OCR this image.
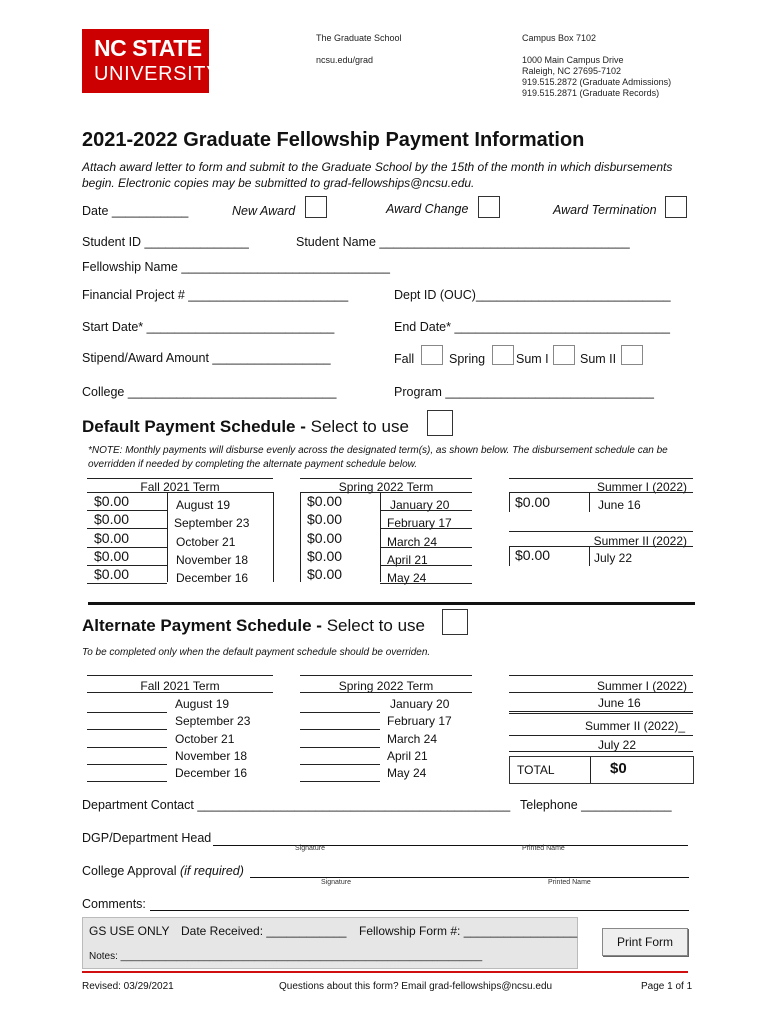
NC STATE
UNIVERSITY
The Graduate School
ncsu.edu/grad
Campus Box 7102
1000 Main Campus Drive
Raleigh, NC 27695-7102
919.515.2872 (Graduate Admissions)
919.515.2871 (Graduate Records)
2021-2022 Graduate Fellowship Payment Information
Attach award letter to form and submit to the Graduate School by the 15th of the month in which disbursements begin. Electronic copies may be submitted to grad-fellowships@ncsu.edu.
Date ___________	New Award	Award Change	Award Termination
Student ID _______________	Student Name ____________________________________
Fellowship Name ______________________________
Financial Project # _______________________	Dept ID (OUC)____________________________
Start Date* ___________________________	End Date* _______________________________
Stipend/Award Amount _________________	Fall	Spring Sum I	Sum II
College ______________________________	Program ______________________________
Default Payment Schedule - Select to use
*NOTE: Monthly payments will disburse evenly across the designated term(s), as shown below. The disbursement schedule can be overridden if needed by completing the alternate payment schedule below.
Fall 2021 Term	Spring 2022 Term
$0.00	August 19
$0.00	September 23
$0.00	October 21
$0.00	November 18
$0.00	December 16
$0.00	January 20
$0.00	February 17
$0.00	March 24
$0.00	April 21
$0.00	May 24
Summer I (2022)
$0.00	June 16
Summer II (2022)
$0.00	July 22
Alternate Payment Schedule - Select to use
To be completed only when the default payment schedule should be overriden.
Fall 2021 Term	Spring 2022 Term
August 19
September 23
October 21
November 18
December 16
January 20
February 17
March 24
April 21
May 24
Summer I (2022)
June 16
Summer II (2022)_
July 22
TOTAL	$0
Department Contact _____________________________________________ Telephone _____________
DGP/Department Head
Signature	Printed Name
College Approval (if required)
Signature	Printed Name
Comments:
GS USE ONLY Date Received: ____________ Fellowship Form #: _________________
Notes: _________________________________________________________________
Print Form
Revised: 03/29/2021	Questions about this form? Email grad-fellowships@ncsu.edu	Page 1 of 1
